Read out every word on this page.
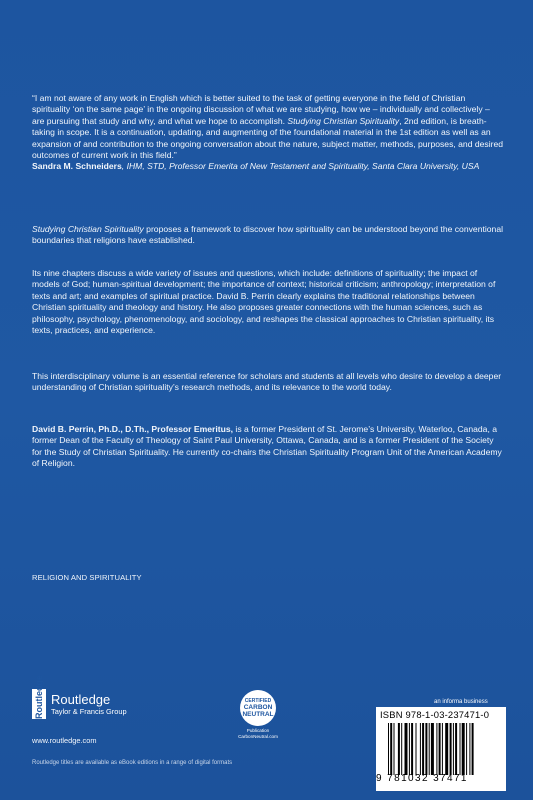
“I am not aware of any work in English which is better suited to the task of getting everyone in the field of Christian spirituality ‘on the same page’ in the ongoing discussion of what we are studying, how we – individually and collectively – are pursuing that study and why, and what we hope to accomplish. Studying Christian Spirituality, 2nd edition, is breath-taking in scope. It is a continuation, updating, and augmenting of the foundational material in the 1st edition as well as an expansion of and contribution to the ongoing conversation about the nature, subject matter, methods, purposes, and desired outcomes of current work in this field.”

Sandra M. Schneiders, IHM, STD, Professor Emerita of New Testament and Spirituality, Santa Clara University, USA

Studying Christian Spirituality proposes a framework to discover how spirituality can be understood beyond the conventional boundaries that religions have established.

Its nine chapters discuss a wide variety of issues and questions, which include: definitions of spirituality; the impact of models of God; human-spiritual development; the importance of context; historical criticism; anthropology; interpretation of texts and art; and examples of spiritual practice. David B. Perrin clearly explains the traditional relationships between Christian spirituality and theology and history. He also proposes greater connections with the human sciences, such as philosophy, psychology, phenomenology, and sociology, and reshapes the classical approaches to Christian spirituality, its texts, practices, and experience.

This interdisciplinary volume is an essential reference for scholars and students at all levels who desire to develop a deeper understanding of Christian spirituality’s research methods, and its relevance to the world today.

David B. Perrin, Ph.D., D.Th., Professor Emeritus, is a former President of St. Jerome’s University, Waterloo, Canada, a former Dean of the Faculty of Theology of Saint Paul University, Ottawa, Canada, and is a former President of the Society for the Study of Christian Spirituality. He currently co-chairs the Christian Spirituality Program Unit of the American Academy of Religion.

RELIGION AND SPIRITUALITY
Routledge Routledge
Taylor & Francis Group
www.routledge.com
Routledge titles are available as eBook editions in a range of digital formats
CERTIFIED
CARBON
NEUTRAL
Publication
CarbonNeutral.com
an informa business
ISBN 978-1-03-237471-0
9 781032 37471
